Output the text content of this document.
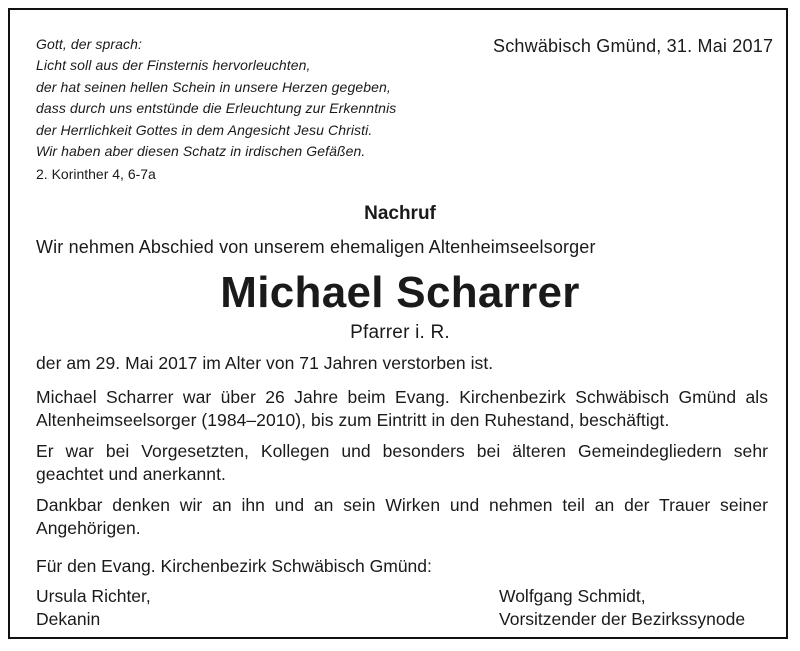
Gott, der sprach:
Licht soll aus der Finsternis hervorleuchten,
der hat seinen hellen Schein in unsere Herzen gegeben,
dass durch uns entstünde die Erleuchtung zur Erkenntnis
der Herrlichkeit Gottes in dem Angesicht Jesu Christi.
Wir haben aber diesen Schatz in irdischen Gefäßen.
2. Korinther 4, 6-7a
Schwäbisch Gmünd, 31. Mai 2017
Nachruf
Wir nehmen Abschied von unserem ehemaligen Altenheimseelsorger
Michael Scharrer
Pfarrer i. R.
der am 29. Mai 2017 im Alter von 71 Jahren verstorben ist.
Michael Scharrer war über 26 Jahre beim Evang. Kirchenbezirk Schwäbisch Gmünd als Altenheimseelsorger (1984–2010), bis zum Eintritt in den Ruhestand, beschäftigt.
Er war bei Vorgesetzten, Kollegen und besonders bei älteren Gemeindegliedern sehr geachtet und anerkannt.
Dankbar denken wir an ihn und an sein Wirken und nehmen teil an der Trauer seiner Angehörigen.
Für den Evang. Kirchenbezirk Schwäbisch Gmünd:
Ursula Richter,
Dekanin
Wolfgang Schmidt,
Vorsitzender der Bezirkssynode
